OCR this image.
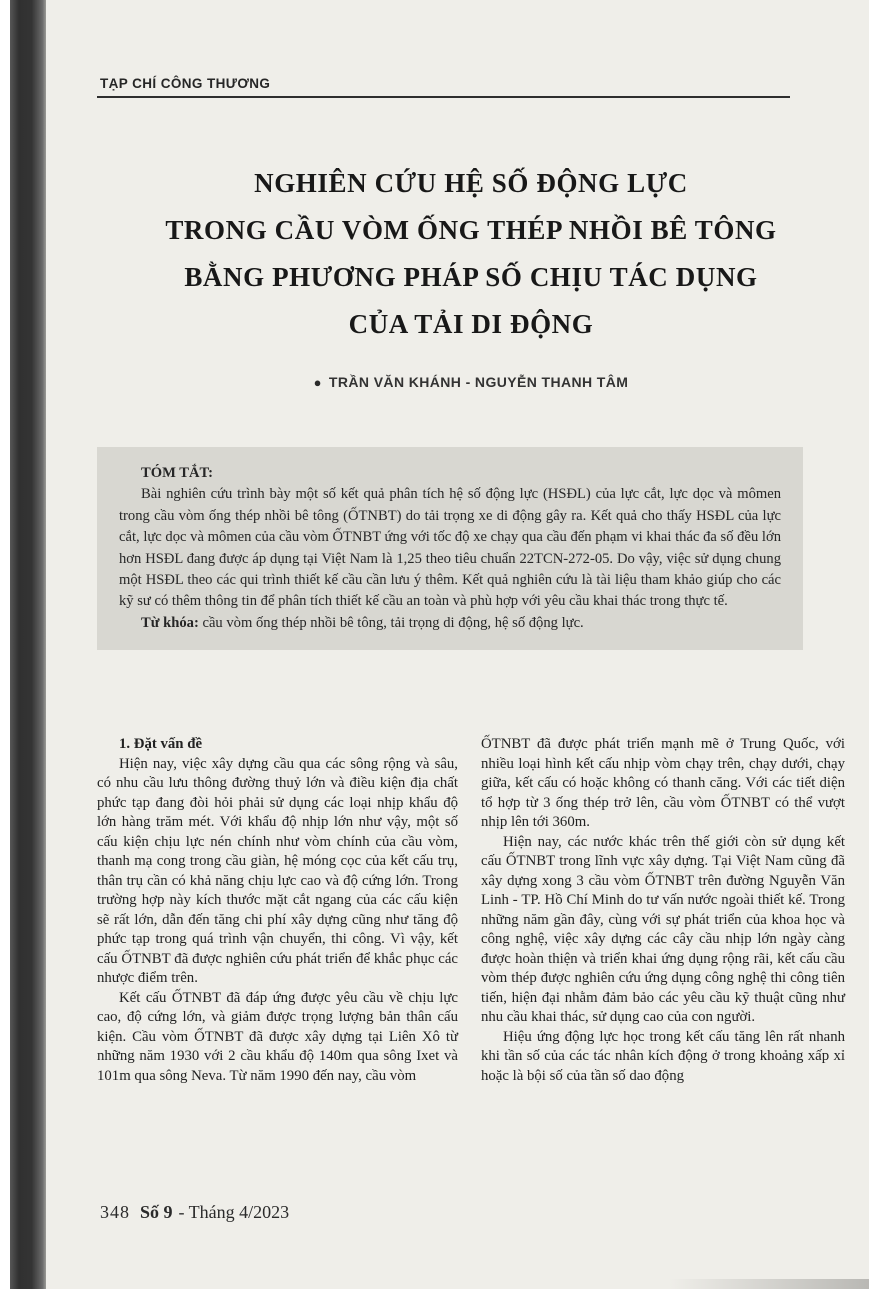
TẠP CHÍ CÔNG THƯƠNG
NGHIÊN CỨU HỆ SỐ ĐỘNG LỰC
TRONG CẦU VÒM ỐNG THÉP NHỒI BÊ TÔNG
BẰNG PHƯƠNG PHÁP SỐ CHỊU TÁC DỤNG
CỦA TẢI DI ĐỘNG
● TRẦN VĂN KHÁNH - NGUYỄN THANH TÂM
TÓM TẮT:

Bài nghiên cứu trình bày một số kết quả phân tích hệ số động lực (HSĐL) của lực cắt, lực dọc và mômen trong cầu vòm ống thép nhồi bê tông (ỐTNBT) do tải trọng xe di động gây ra. Kết quả cho thấy HSĐL của lực cắt, lực dọc và mômen của cầu vòm ỐTNBT ứng với tốc độ xe chạy qua cầu đến phạm vi khai thác đa số đều lớn hơn HSĐL đang được áp dụng tại Việt Nam là 1,25 theo tiêu chuẩn 22TCN-272-05. Do vậy, việc sử dụng chung một HSĐL theo các qui trình thiết kế cầu cần lưu ý thêm. Kết quả nghiên cứu là tài liệu tham khảo giúp cho các kỹ sư có thêm thông tin để phân tích thiết kế cầu an toàn và phù hợp với yêu cầu khai thác trong thực tế.

Từ khóa: cầu vòm ống thép nhồi bê tông, tải trọng di động, hệ số động lực.

1. Đặt vấn đề

Hiện nay, việc xây dựng cầu qua các sông rộng và sâu, có nhu cầu lưu thông đường thuỷ lớn và điều kiện địa chất phức tạp đang đòi hỏi phải sử dụng các loại nhịp khẩu độ lớn hàng trăm mét. Với khẩu độ nhịp lớn như vậy, một số cấu kiện chịu lực nén chính như vòm chính của cầu vòm, thanh mạ cong trong cầu giàn, hệ móng cọc của kết cấu trụ, thân trụ cần có khả năng chịu lực cao và độ cứng lớn. Trong trường hợp này kích thước mặt cắt ngang của các cấu kiện sẽ rất lớn, dẫn đến tăng chi phí xây dựng cũng như tăng độ phức tạp trong quá trình vận chuyển, thi công. Vì vậy, kết cấu ỐTNBT đã được nghiên cứu phát triển để khắc phục các nhược điểm trên.

Kết cấu ỐTNBT đã đáp ứng được yêu cầu về chịu lực cao, độ cứng lớn, và giảm được trọng lượng bản thân cấu kiện. Cầu vòm ỐTNBT đã được xây dựng tại Liên Xô từ những năm 1930 với 2 cầu khẩu độ 140m qua sông Ixet và 101m qua sông Neva. Từ năm 1990 đến nay, cầu vòm

ỐTNBT đã được phát triển mạnh mẽ ở Trung Quốc, với nhiều loại hình kết cấu nhịp vòm chạy trên, chạy dưới, chạy giữa, kết cấu có hoặc không có thanh căng. Với các tiết diện tổ hợp từ 3 ống thép trở lên, cầu vòm ỐTNBT có thể vượt nhịp lên tới 360m.

Hiện nay, các nước khác trên thế giới còn sử dụng kết cấu ỐTNBT trong lĩnh vực xây dựng. Tại Việt Nam cũng đã xây dựng xong 3 cầu vòm ỐTNBT trên đường Nguyễn Văn Linh - TP. Hồ Chí Minh do tư vấn nước ngoài thiết kế. Trong những năm gần đây, cùng với sự phát triển của khoa học và công nghệ, việc xây dựng các cây cầu nhịp lớn ngày càng được hoàn thiện và triển khai ứng dụng rộng rãi, kết cấu cầu vòm thép được nghiên cứu ứng dụng công nghệ thi công tiên tiến, hiện đại nhằm đảm bảo các yêu cầu kỹ thuật cũng như nhu cầu khai thác, sử dụng cao của con người.

Hiệu ứng động lực học trong kết cấu tăng lên rất nhanh khi tần số của các tác nhân kích động ở trong khoảng xấp xỉ hoặc là bội số của tần số dao động

348 Số 9 - Tháng 4/2023
